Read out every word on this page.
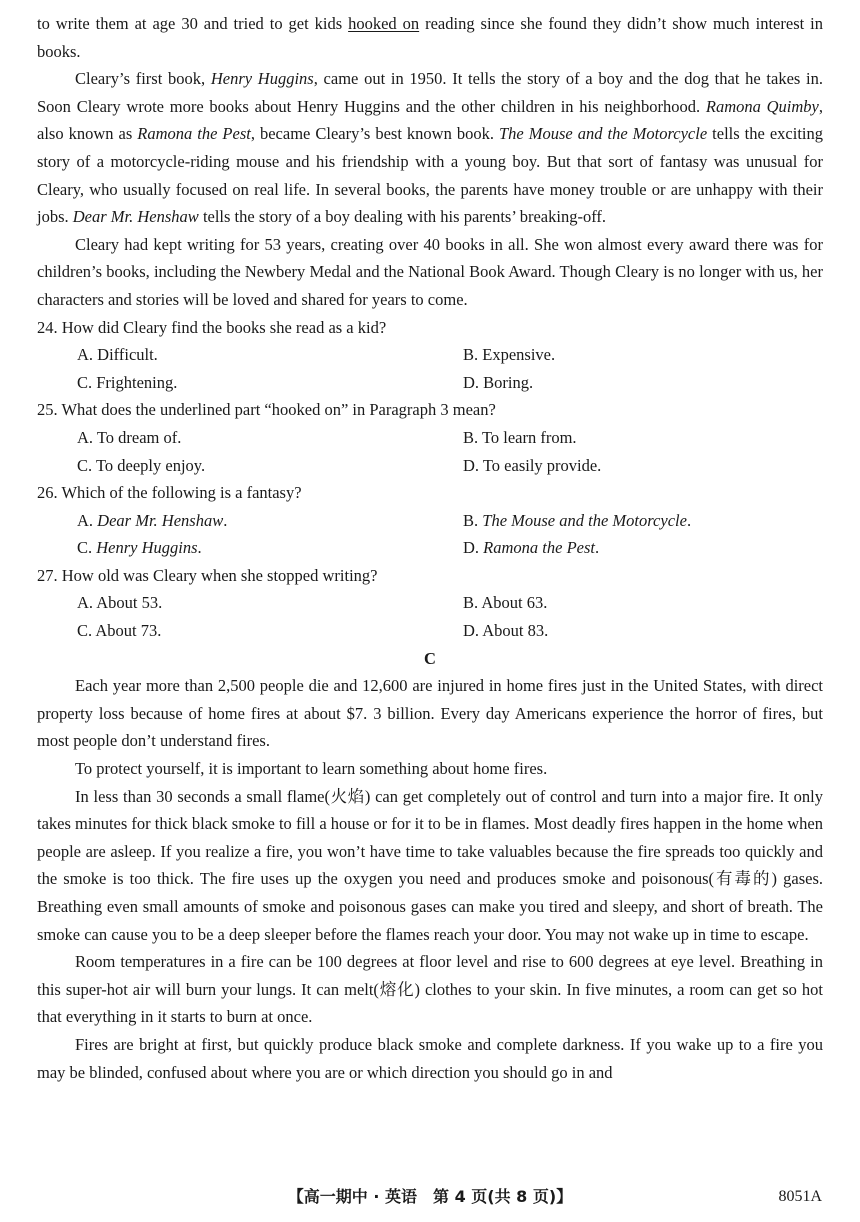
to write them at age 30 and tried to get kids hooked on reading since she found they didn’t show much interest in books.

Cleary’s first book, Henry Huggins, came out in 1950. It tells the story of a boy and the dog that he takes in. Soon Cleary wrote more books about Henry Huggins and the other children in his neighborhood. Ramona Quimby, also known as Ramona the Pest, became Cleary’s best known book. The Mouse and the Motorcycle tells the exciting story of a motorcycle-riding mouse and his friendship with a young boy. But that sort of fantasy was unusual for Cleary, who usually focused on real life. In several books, the parents have money trouble or are unhappy with their jobs. Dear Mr. Henshaw tells the story of a boy dealing with his parents’ breaking-off.

Cleary had kept writing for 53 years, creating over 40 books in all. She won almost every award there was for children’s books, including the Newbery Medal and the National Book Award. Though Cleary is no longer with us, her characters and stories will be loved and shared for years to come.

24. How did Cleary find the books she read as a kid?

A. Difficult.	B. Expensive.
C. Frightening.	D. Boring.

25. What does the underlined part “hooked on” in Paragraph 3 mean?

A. To dream of.	B. To learn from.
C. To deeply enjoy.	D. To easily provide.

26. Which of the following is a fantasy?

A. Dear Mr. Henshaw.	B. The Mouse and the Motorcycle.
C. Henry Huggins.	D. Ramona the Pest.

27. How old was Cleary when she stopped writing?

A. About 53.	B. About 63.
C. About 73.	D. About 83.

C

Each year more than 2,500 people die and 12,600 are injured in home fires just in the United States, with direct property loss because of home fires at about $7. 3 billion. Every day Americans experience the horror of fires, but most people don’t understand fires.

To protect yourself, it is important to learn something about home fires.

In less than 30 seconds a small flame(火焰) can get completely out of control and turn into a major fire. It only takes minutes for thick black smoke to fill a house or for it to be in flames. Most deadly fires happen in the home when people are asleep. If you realize a fire, you won’t have time to take valuables because the fire spreads too quickly and the smoke is too thick. The fire uses up the oxygen you need and produces smoke and poisonous(有毒的) gases. Breathing even small amounts of smoke and poisonous gases can make you tired and sleepy, and short of breath. The smoke can cause you to be a deep sleeper before the flames reach your door. You may not wake up in time to escape.

Room temperatures in a fire can be 100 degrees at floor level and rise to 600 degrees at eye level. Breathing in this super-hot air will burn your lungs. It can melt(熔化) clothes to your skin. In five minutes, a room can get so hot that everything in it starts to burn at once.

Fires are bright at first, but quickly produce black smoke and complete darkness. If you wake up to a fire you may be blinded, confused about where you are or which direction you should go in and

【高一期中 · 英语　第 4 页(共 8 页)】	8051A
